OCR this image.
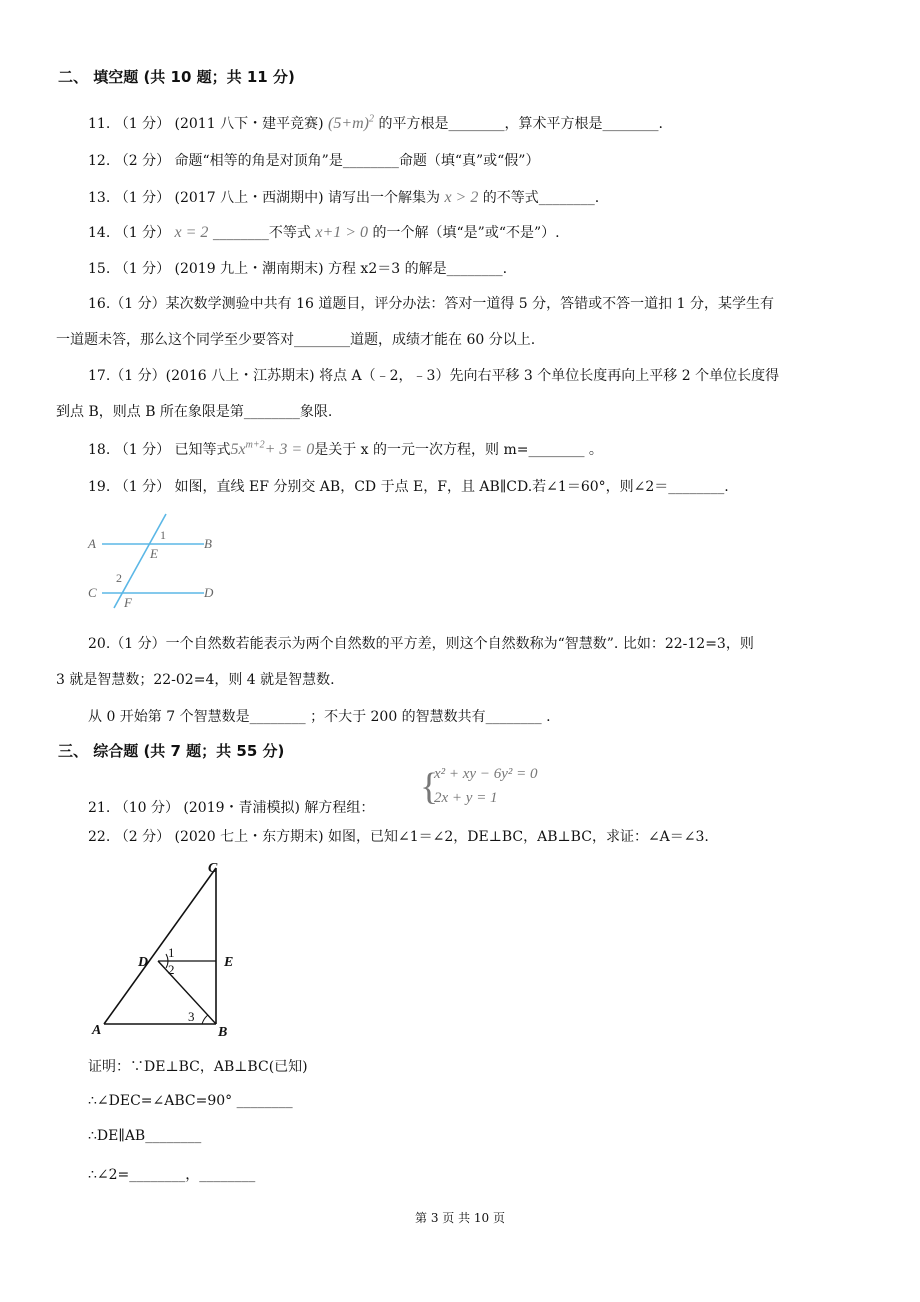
二、 填空题 (共 10 题；共 11 分)
11. （1 分） (2011 八下・建平竞赛) $(5+m)^2$ 的平方根是________，算术平方根是________.
12. （2 分） 命题“相等的角是对顶角”是________命题（填“真”或“假”）
13. （1 分） (2017 八上・西湖期中) 请写出一个解集为 x > 2 的不等式________.
14. （1 分） x = 2 ________不等式 x+1 > 0 的一个解（填“是”或“不是”）.
15. （1 分） (2019 九上・潮南期末) 方程 x2＝3 的解是________.
16.（1 分）某次数学测验中共有 16 道题目，评分办法：答对一道得 5 分，答错或不答一道扣 1 分，某学生有
一道题未答，那么这个同学至少要答对________道题，成绩才能在 60 分以上.
17.（1 分）(2016 八上・江苏期末) 将点 A（﹣2，﹣3）先向右平移 3 个单位长度再向上平移 2 个单位长度得
到点 B，则点 B 所在象限是第________象限.
18. （1 分） 已知等式$5x^{m+2}+ 3 = 0$是关于 x 的一元一次方程，则 m=________ 。
19. （1 分） 如图，直线 EF 分别交 AB，CD 于点 E，F，且 AB∥CD.若∠1＝60°，则∠2＝________.
A	B
C	D
E
F
1
2
20.（1 分）一个自然数若能表示为两个自然数的平方差，则这个自然数称为“智慧数”. 比如：22-12=3，则
3 就是智慧数；22-02=4，则 4 就是智慧数.
从 0 开始第 7 个智慧数是________ ；不大于 200 的智慧数共有________ .
三、 综合题 (共 7 题；共 55 分)
21. （10 分） (2019・青浦模拟) 解方程组： {
x² + xy − 6y² = 0
2x + y = 1
22. （2 分） (2020 七上・东方期末) 如图，已知∠1＝∠2，DE⊥BC，AB⊥BC，求证：∠A＝∠3.
C
D	E
A	B
1
2
3
证明：∵DE⊥BC，AB⊥BC(已知)
∴∠DEC=∠ABC=90° ________
∴DE∥AB________
∴∠2=________，________
第 3 页 共 10 页
